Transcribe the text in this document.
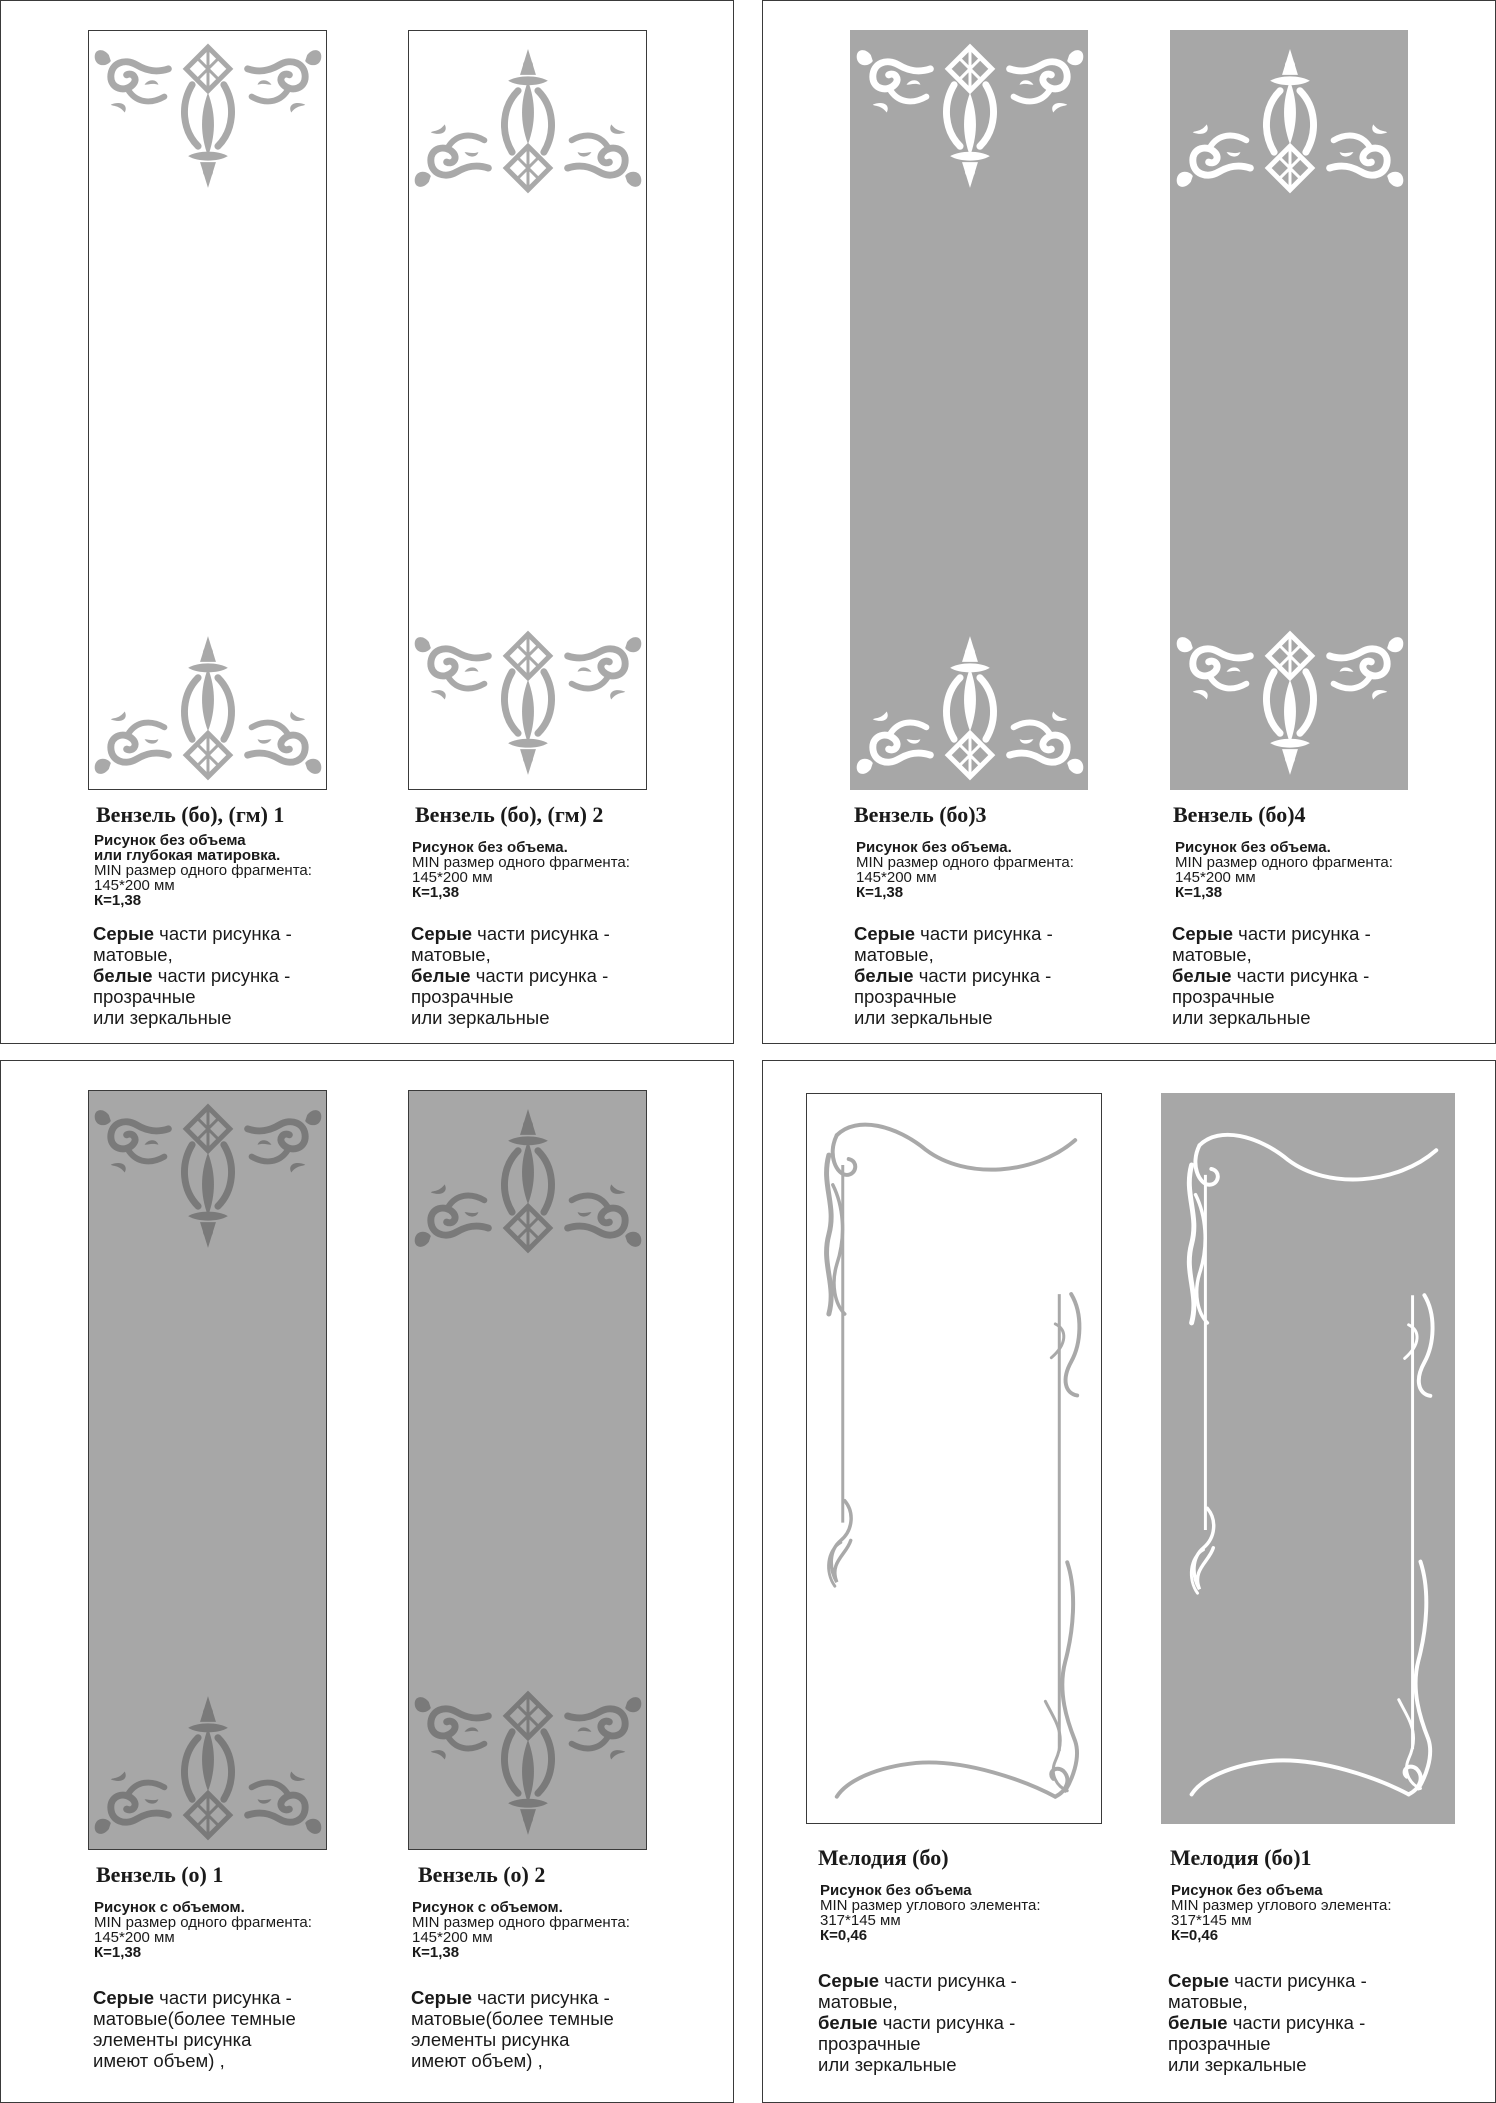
Вензель (бо), (гм) 1
Рисунок без объема
или глубокая матировка.
MIN размер одного фрагмента:
145*200 мм
К=1,38
Серые части рисунка -
матовые,
белые части рисунка -
прозрачные
или зеркальные
Вензель (бо), (гм) 2
Рисунок без объема.
MIN размер одного фрагмента:
145*200 мм
К=1,38
Серые части рисунка -
матовые,
белые части рисунка -
прозрачные
или зеркальные
Вензель (бо)3
Рисунок без объема.
MIN размер одного фрагмента:
145*200 мм
К=1,38
Серые части рисунка -
матовые,
белые части рисунка -
прозрачные
или зеркальные
Вензель (бо)4
Рисунок без объема.
MIN размер одного фрагмента:
145*200 мм
К=1,38
Серые части рисунка -
матовые,
белые части рисунка -
прозрачные
или зеркальные
Вензель (о) 1
Рисунок с объемом.
MIN размер одного фрагмента:
145*200 мм
К=1,38
Серые части рисунка -
матовые(более темные
элементы рисунка
имеют объем) ,
Вензель (о) 2
Рисунок с объемом.
MIN размер одного фрагмента:
145*200 мм
К=1,38
Серые части рисунка -
матовые(более темные
элементы рисунка
имеют объем) ,
Мелодия (бо)
Рисунок без объема
MIN размер углового элемента:
317*145 мм
К=0,46
Серые части рисунка -
матовые,
белые части рисунка -
прозрачные
или зеркальные
Мелодия (бо)1
Рисунок без объема
MIN размер углового элемента:
317*145 мм
К=0,46
Серые части рисунка -
матовые,
белые части рисунка -
прозрачные
или зеркальные
